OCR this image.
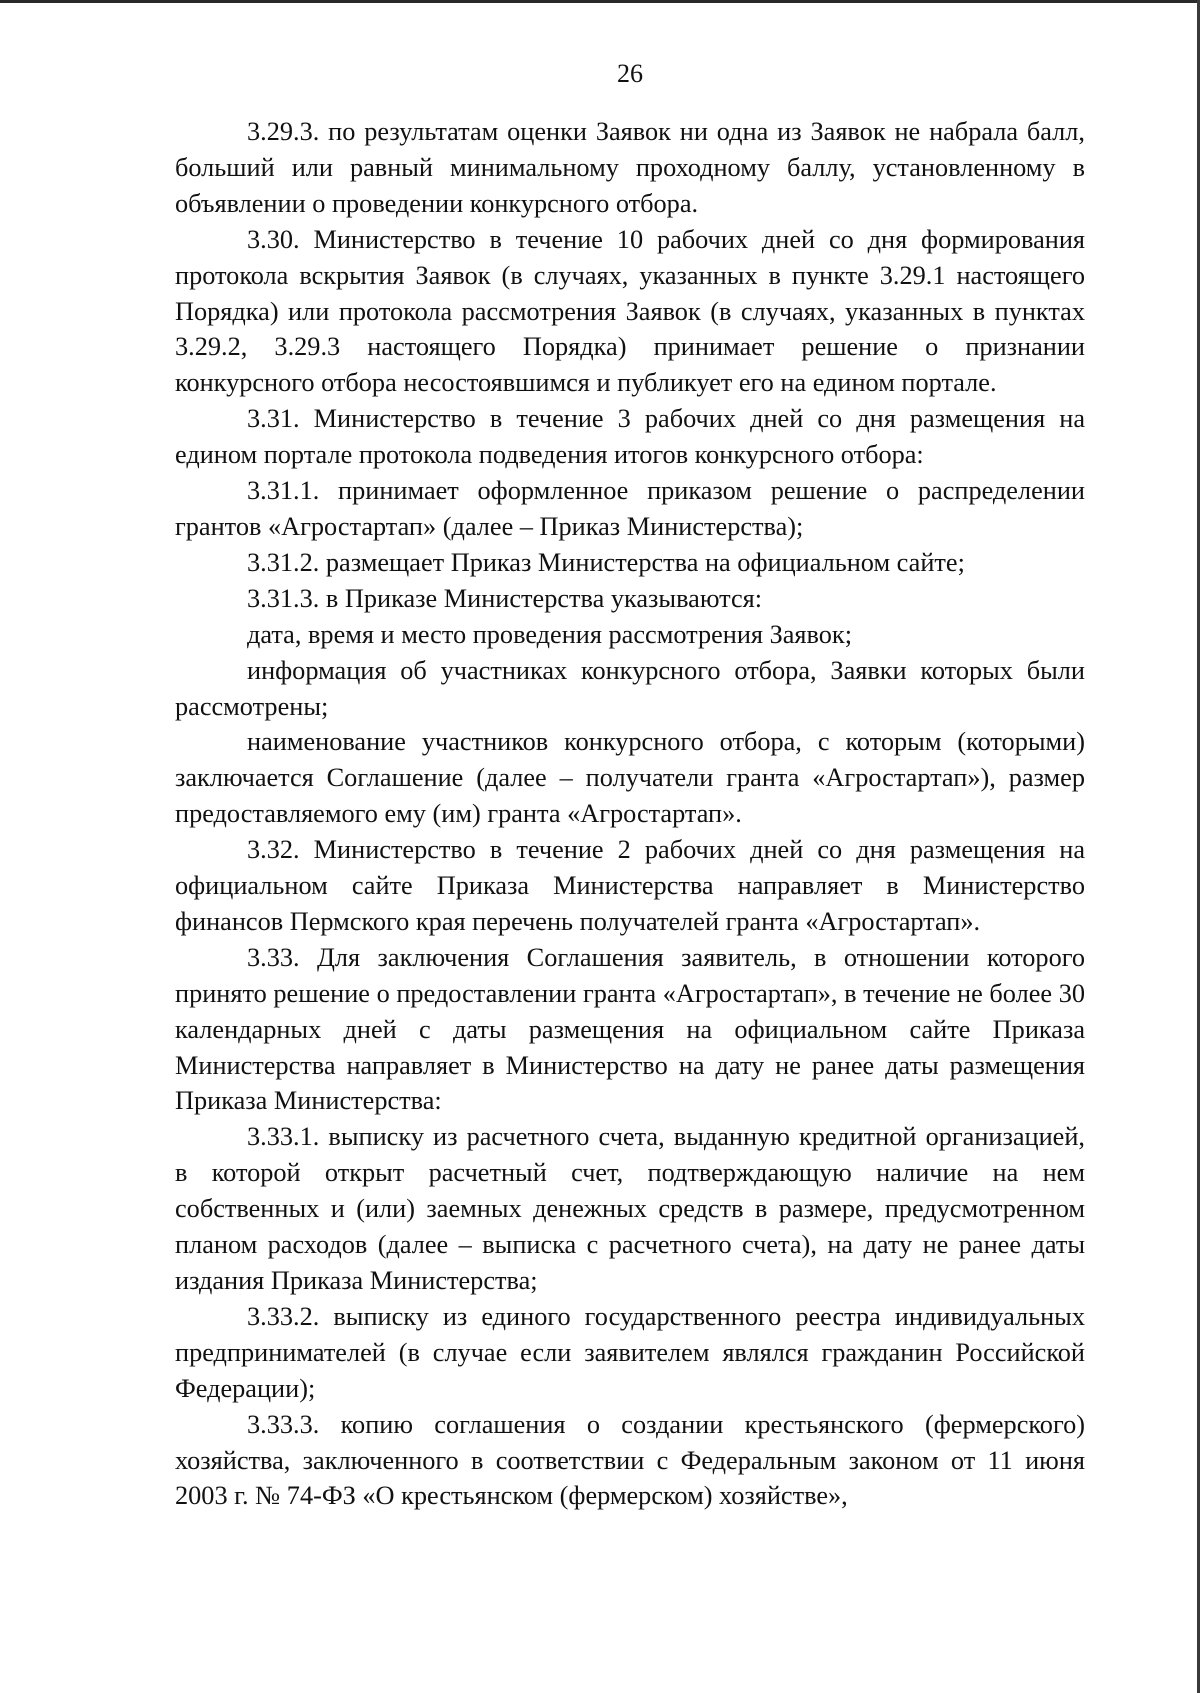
26

3.29.3. по результатам оценки Заявок ни одна из Заявок не набрала балл, больший или равный минимальному проходному баллу, установленному в объявлении о проведении конкурсного отбора.

3.30. Министерство в течение 10 рабочих дней со дня формирования протокола вскрытия Заявок (в случаях, указанных в пункте 3.29.1 настоящего Порядка) или протокола рассмотрения Заявок (в случаях, указанных в пунктах 3.29.2, 3.29.3 настоящего Порядка) принимает решение о признании конкурсного отбора несостоявшимся и публикует его на едином портале.

3.31. Министерство в течение 3 рабочих дней со дня размещения на едином портале протокола подведения итогов конкурсного отбора:

3.31.1. принимает оформленное приказом решение о распределении грантов «Агростартап» (далее – Приказ Министерства);

3.31.2. размещает Приказ Министерства на официальном сайте;

3.31.3. в Приказе Министерства указываются:

дата, время и место проведения рассмотрения Заявок;

информация об участниках конкурсного отбора, Заявки которых были рассмотрены;

наименование участников конкурсного отбора, с которым (которыми) заключается Соглашение (далее – получатели гранта «Агростартап»), размер предоставляемого ему (им) гранта «Агростартап».

3.32. Министерство в течение 2 рабочих дней со дня размещения на официальном сайте Приказа Министерства направляет в Министерство финансов Пермского края перечень получателей гранта «Агростартап».

3.33. Для заключения Соглашения заявитель, в отношении которого принято решение о предоставлении гранта «Агростартап», в течение не более 30 календарных дней с даты размещения на официальном сайте Приказа Министерства направляет в Министерство на дату не ранее даты размещения Приказа Министерства:

3.33.1. выписку из расчетного счета, выданную кредитной организацией, в которой открыт расчетный счет, подтверждающую наличие на нем собственных и (или) заемных денежных средств в размере, предусмотренном планом расходов (далее – выписка с расчетного счета), на дату не ранее даты издания Приказа Министерства;

3.33.2. выписку из единого государственного реестра индивидуальных предпринимателей (в случае если заявителем являлся гражданин Российской Федерации);

3.33.3. копию соглашения о создании крестьянского (фермерского) хозяйства, заключенного в соответствии с Федеральным законом от 11 июня 2003 г. № 74-ФЗ «О крестьянском (фермерском) хозяйстве»,
